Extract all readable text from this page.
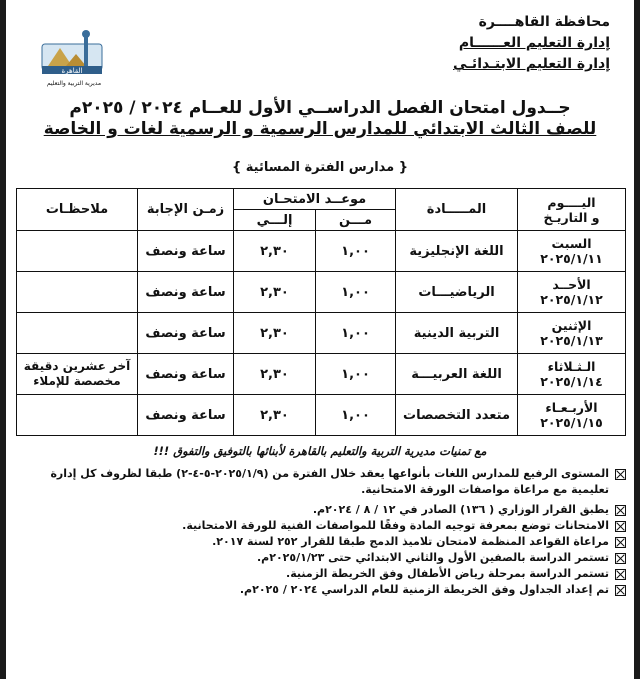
محافظة القاهــــرة
إدارة التعليم العــــــام
إدارة التعليم الابتـدائـي
القاهرة
مديرية التربية والتعليم
جــدول امتحان الفصل الدراســي الأول للعــام ٢٠٢٤ / ٢٠٢٥م
للصف الثالث الابتدائي للمدارس الرسمية و الرسمية لغات و الخاصة
{ مدارس الفترة المسائية }
اليــــوم
و التاريـخ	المـــــادة	موعــد الامتحـان		زمـن الإجابة	ملاحظـات
		مـــن	إلـــي		

السبت
٢٠٢٥/١/١١	اللغة الإنجليزية	١,٠٠	٢,٣٠	ساعة ونصف	

الأحــد
٢٠٢٥/١/١٢	الرياضيـــات	١,٠٠	٢,٣٠	ساعة ونصف	

الإثنين
٢٠٢٥/١/١٣	التربية الدينية	١,٠٠	٢,٣٠	ساعة ونصف	

الـثـلاثاء
٢٠٢٥/١/١٤	اللغة العربيـــة	١,٠٠	٢,٣٠	ساعة ونصف	آخر عشرين دقيقة مخصصة للإملاء

الأربـعـاء
٢٠٢٥/١/١٥	متعدد التخصصات	١,٠٠	٢,٣٠	ساعة ونصف	
مع تمنيات مديرية التربية والتعليم بالقاهرة لأبنائها بالتوفيق والتفوق !!!
المستوى الرفيع للمدارس اللغات بأنواعها يعقد خلال الفترة من (٢٠٢٥/١/٩-٥-٤-٢) طبقا لظروف كل إدارة تعليمية مع مراعاة مواصفات الورقة الامتحانية.
يطبق القرار الوزاري ( ١٣٦) الصادر في ١٢ / ٨ / ٢٠٢٤م.
الامتحانات توضع بمعرفة توجيه المادة وفقًا للمواصفات الفنية للورقة الامتحانية.
مراعاة القواعد المنظمة لامتحان تلاميذ الدمج طبقا للقرار ٢٥٢ لسنة ٢٠١٧.
تستمر الدراسة بالصفين الأول والثاني الابتدائي حتى ٢٠٢٥/١/٢٣م.
تستمر الدراسة بمرحلة رياض الأطفال وفق الخريطة الزمنية.
تم إعداد الجداول وفق الخريطة الزمنية للعام الدراسي ٢٠٢٤ / ٢٠٢٥م.
